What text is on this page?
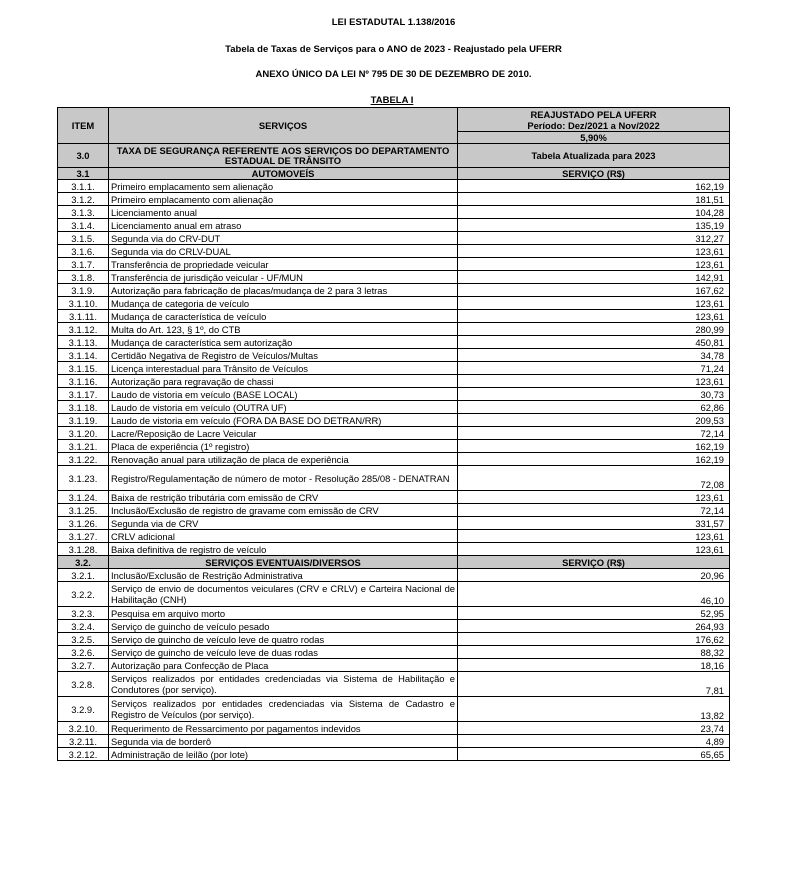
LEI ESTADUTAL 1.138/2016
Tabela de Taxas de Serviços para o ANO de 2023 - Reajustado pela UFERR
ANEXO ÚNICO DA LEI Nº 795 DE 30 DE DEZEMBRO DE 2010.
TABELA I
ITEM	SERVIÇOS	REAJUSTADO PELA UFERR
Período: Dez/2021 a Nov/2022
5,90%

3.0	TAXA DE SEGURANÇA REFERENTE AOS SERVIÇOS DO DEPARTAMENTO ESTADUAL DE TRÂNSITO	Tabela Atualizada para 2023
3.1	AUTOMOVEÍS	SERVIÇO (R$)
3.1.1.	Primeiro emplacamento sem alienação	162,19
3.1.2.	Primeiro emplacamento com alienação	181,51
3.1.3.	Licenciamento anual	104,28
3.1.4.	Licenciamento anual em atraso	135,19
3.1.5.	Segunda via do CRV-DUT	312,27
3.1.6.	Segunda via do CRLV-DUAL	123,61
3.1.7.	Transferência de propriedade veicular	123,61
3.1.8.	Transferência de jurisdição veicular - UF/MUN	142,91
3.1.9.	Autorização para fabricação de placas/mudança de 2 para 3 letras	167,62
3.1.10.	Mudança de categoria de veículo	123,61
3.1.11.	Mudança de característica de veículo	123,61
3.1.12.	Multa do Art. 123, § 1º, do CTB	280,99
3.1.13.	Mudança de característica sem autorização	450,81
3.1.14.	Certidão Negativa de Registro de Veículos/Multas	34,78
3.1.15.	Licença interestadual para Trânsito de Veículos	71,24
3.1.16.	Autorização para regravação de chassi	123,61
3.1.17.	Laudo de vistoria em veículo (BASE LOCAL)	30,73
3.1.18.	Laudo de vistoria em veículo (OUTRA UF)	62,86
3.1.19.	Laudo de vistoria em veículo (FORA DA BASE DO DETRAN/RR)	209,53
3.1.20.	Lacre/Reposição de Lacre Veicular	72,14
3.1.21.	Placa de experiência (1º registro)	162,19
3.1.22.	Renovação anual para utilização de placa de experiência	162,19
3.1.23.	Registro/Regulamentação de número de motor - Resolução 285/08 - DENATRAN	72,08
3.1.24.	Baixa de restrição tributária com emissão de CRV	123,61
3.1.25.	Inclusão/Exclusão de registro de gravame com emissão de CRV	72,14
3.1.26.	Segunda via de CRV	331,57
3.1.27.	CRLV adicional	123,61
3.1.28.	Baixa definitiva de registro de veículo	123,61
3.2.	SERVIÇOS EVENTUAIS/DIVERSOS	SERVIÇO (R$)
3.2.1.	Inclusão/Exclusão de Restrição Administrativa	20,96
3.2.2.	Serviço de envio de documentos veiculares (CRV e CRLV) e Carteira Nacional de Habilitação (CNH)	46,10
3.2.3.	Pesquisa em arquivo morto	52,95
3.2.4.	Serviço de guincho de veículo pesado	264,93
3.2.5.	Serviço de guincho de veículo leve de quatro rodas	176,62
3.2.6.	Serviço de guincho de veículo leve de duas rodas	88,32
3.2.7.	Autorização para Confecção de Placa	18,16
3.2.8.	Serviços realizados por entidades credenciadas via Sistema de Habilitação e Condutores (por serviço).	7,81
3.2.9.	Serviços realizados por entidades credenciadas via Sistema de Cadastro e Registro de Veículos (por serviço).	13,82
3.2.10.	Requerimento de Ressarcimento por pagamentos indevidos	23,74
3.2.11.	Segunda via de borderô	4,89
3.2.12.	Administração de leilão (por lote)	65,65
